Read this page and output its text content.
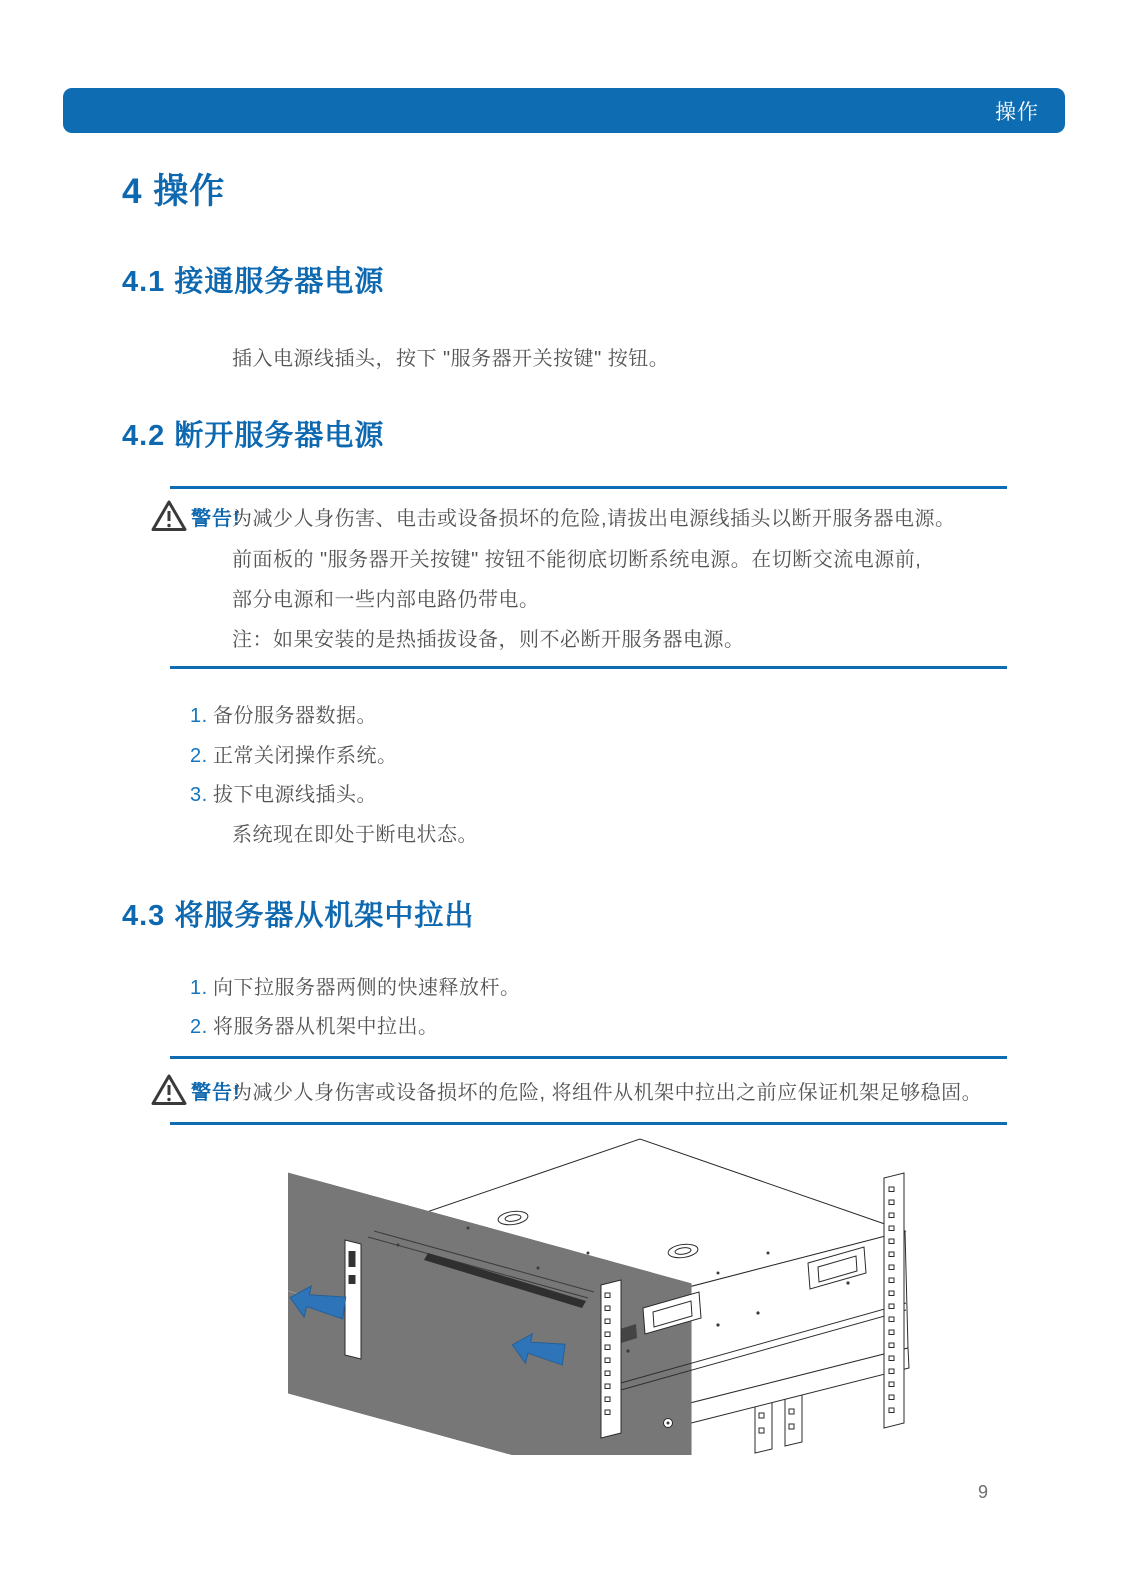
操作
4 操作
4.1 接通服务器电源
插入电源线插头，按下 "服务器开关按键" 按钮。
4.2 断开服务器电源
警告!
为减少人身伤害、电击或设备损坏的危险,请拔出电源线插头以断开服务器电源。
前面板的 "服务器开关按键" 按钮不能彻底切断系统电源。在切断交流电源前,
部分电源和一些内部电路仍带电。
注：如果安装的是热插拔设备，则不必断开服务器电源。
1. 备份服务器数据。
2. 正常关闭操作系统。
3. 拔下电源线插头。
系统现在即处于断电状态。
4.3 将服务器从机架中拉出
1. 向下拉服务器两侧的快速释放杆。
2. 将服务器从机架中拉出。
警告!
为减少人身伤害或设备损坏的危险, 将组件从机架中拉出之前应保证机架足够稳固。
9
